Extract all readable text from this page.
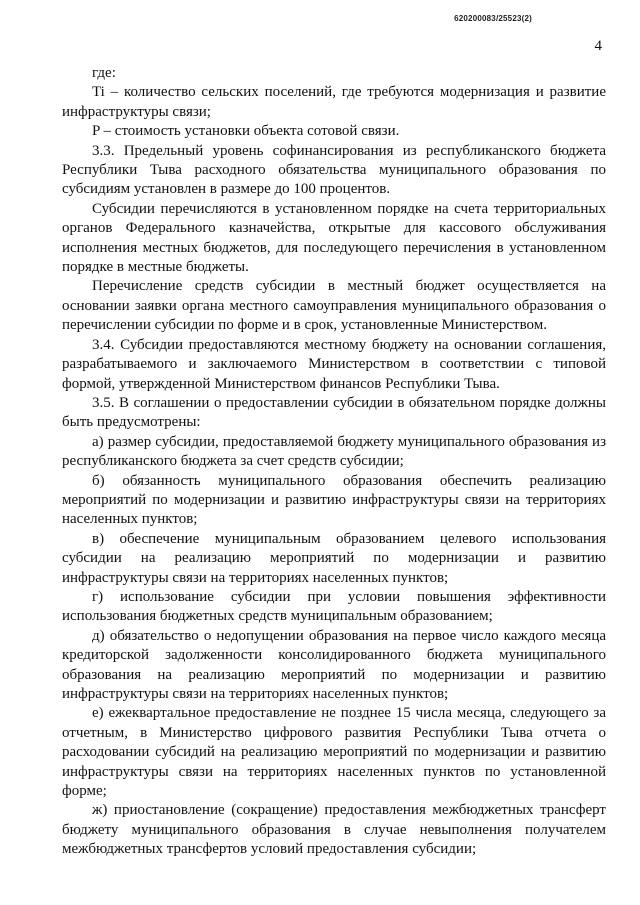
620200083/25523(2)
4

где:

Ti – количество сельских поселений, где требуются модернизация и развитие инфраструктуры связи;

P – стоимость установки объекта сотовой связи.

3.3. Предельный уровень софинансирования из республиканского бюджета Республики Тыва расходного обязательства муниципального образования по субсидиям установлен в размере до 100 процентов.

Субсидии перечисляются в установленном порядке на счета территориальных органов Федерального казначейства, открытые для кассового обслуживания исполнения местных бюджетов, для последующего перечисления в установленном порядке в местные бюджеты.

Перечисление средств субсидии в местный бюджет осуществляется на основании заявки органа местного самоуправления муниципального образования о перечислении субсидии по форме и в срок, установленные Министерством.

3.4. Субсидии предоставляются местному бюджету на основании соглашения, разрабатываемого и заключаемого Министерством в соответствии с типовой формой, утвержденной Министерством финансов Республики Тыва.

3.5. В соглашении о предоставлении субсидии в обязательном порядке должны быть предусмотрены:

а) размер субсидии, предоставляемой бюджету муниципального образования из республиканского бюджета за счет средств субсидии;

б) обязанность муниципального образования обеспечить реализацию мероприятий по модернизации и развитию инфраструктуры связи на территориях населенных пунктов;

в) обеспечение муниципальным образованием целевого использования субсидии на реализацию мероприятий по модернизации и развитию инфраструктуры связи на территориях населенных пунктов;

г) использование субсидии при условии повышения эффективности использования бюджетных средств муниципальным образованием;

д) обязательство о недопущении образования на первое число каждого месяца кредиторской задолженности консолидированного бюджета муниципального образования на реализацию мероприятий по модернизации и развитию инфраструктуры связи на территориях населенных пунктов;

е) ежеквартальное предоставление не позднее 15 числа месяца, следующего за отчетным, в Министерство цифрового развития Республики Тыва отчета о расходовании субсидий на реализацию мероприятий по модернизации и развитию инфраструктуры связи на территориях населенных пунктов по установленной форме;

ж) приостановление (сокращение) предоставления межбюджетных трансферт бюджету муниципального образования в случае невыполнения получателем межбюджетных трансфертов условий предоставления субсидии;
